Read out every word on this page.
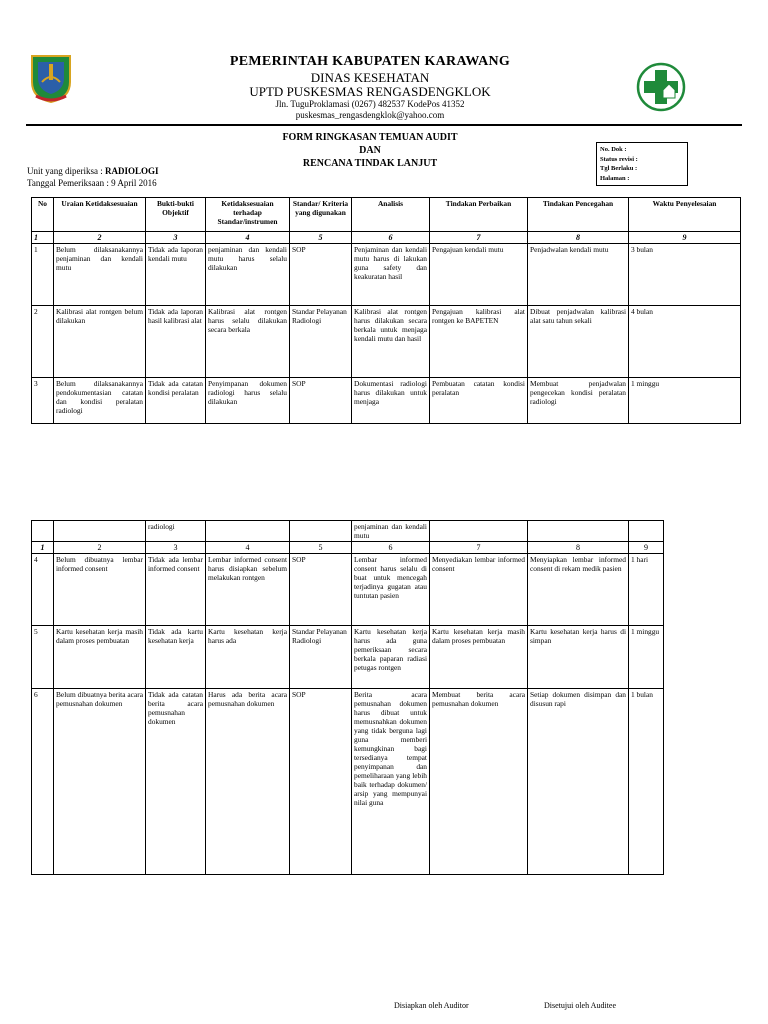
PEMERINTAH KABUPATEN KARAWANG
DINAS KESEHATAN
UPTD PUSKESMAS RENGASDENGKLOK
Jln. TuguProklamasi (0267) 482537 KodePos 41352
puskesmas_rengasdengklok@yahoo.com
FORM RINGKASAN TEMUAN AUDIT
DAN
RENCANA TINDAK LANJUT
No. Dok :
Status revisi :
Tgl Berlaku :
Halaman :
Unit yang diperiksa : RADIOLOGI
Tanggal Pemeriksaan : 9 April 2016
No	Uraian Ketidaksesuaian	Bukti-bukti Objektif	Ketidaksesuaian terhadap Standar/instrumen	Standar/ Kriteria yang digunakan	Analisis	Tindakan Perbaikan	Tindakan Pencegahan	Waktu Penyelesaian
1	2	3	4	5	6	7	8	9
1	Belum dilaksanakannya penjaminan dan kendali mutu	Tidak ada laporan kendali mutu	penjaminan dan kendali mutu harus selalu dilakukan	SOP	Penjaminan dan kendali mutu harus di lakukan guna safety dan keakuratan hasil	Pengajuan kendali mutu	Penjadwalan kendali mutu	3 bulan
2	Kalibrasi alat rontgen belum dilakukan	Tidak ada laporan hasil kalibrasi alat	Kalibrasi alat rontgen harus selalu dilakukan secara berkala	Standar Pelayanan Radiologi	Kalibrasi alat rontgen harus dilakukan secara berkala untuk menjaga kendali mutu dan hasil	Pengajuan kalibrasi alat rontgen ke BAPETEN	Dibuat penjadwalan kalibrasi alat satu tahun sekali	4 bulan
3	Belum dilaksanakannya pendokumentasian catatan dan kondisi peralatan radiologi	Tidak ada catatan kondisi peralatan	Penyimpanan dokumen radiologi harus selalu dilakukan	SOP	Dokumentasi radiologi harus dilakukan untuk menjaga	Pembuatan catatan kondisi peralatan	Membuat penjadwalan pengecekan kondisi peralatan radiologi	1 minggu
		radiologi			penjaminan dan kendali mutu			
1	2	3	4	5	6	7	8	9
4	Belum dibuatnya lembar informed consent	Tidak ada lembar informed consent	Lembar informed consent harus disiapkan sebelum melakukan rontgen	SOP	Lembar informed consent harus selalu di buat untuk mencegah terjadinya gugatan atau tuntutan pasien	Menyediakan lembar informed consent	Menyiapkan lembar informed consent di rekam medik pasien	1 hari
5	Kartu kesehatan kerja masih dalam proses pembuatan	Tidak ada kartu kesehatan kerja	Kartu kesehatan kerja harus ada	Standar Pelayanan Radiologi	Kartu kesehatan kerja harus ada guna pemeriksaan secara berkala paparan radiasi petugas rontgen	Kartu kesehatan kerja masih dalam proses pembuatan	Kartu kesehatan kerja harus di simpan	1 minggu
6	Belum dibuatnya berita acara pemusnahan dokumen	Tidak ada catatan berita acara pemusnahan dokumen	Harus ada berita acara pemusnahan dokumen	SOP	Berita acara pemusnahan dokumen harus dibuat untuk memusnahkan dokumen yang tidak berguna lagi guna memberi kemungkinan bagi tersedianya tempat penyimpanan dan pemeliharaan yang lebih baik terhadap dokumen/ arsip yang mempunyai nilai guna	Membuat berita acara pemusnahan dokumen	Setiap dokumen disimpan dan disusun rapi	1 bulan
Disiapkan oleh Auditor	Disetujui oleh Auditee
